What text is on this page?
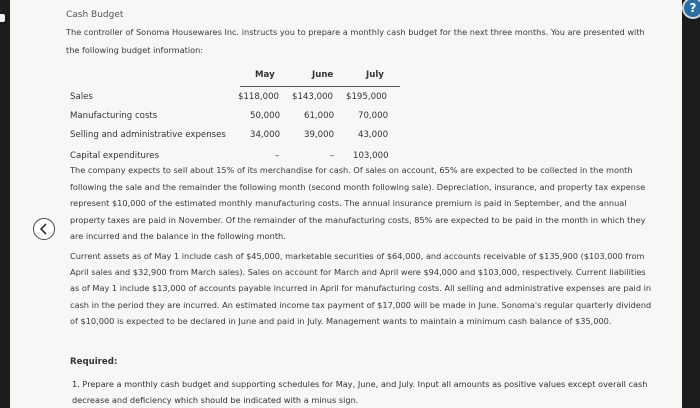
Cash Budget
The controller of Sonoma Housewares Inc. instructs you to prepare a monthly cash budget for the next three months. You are presented with the following budget information:
May	June	July
Sales	$118,000 $143,000 $195,000
Manufacturing costs	50,000	61,000	70,000
Selling and administrative expenses	34,000	39,000	43,000
Capital expenditures	–	– 103,000
The company expects to sell about 15% of its merchandise for cash. Of sales on account, 65% are expected to be collected in the month following the sale and the remainder the following month (second month following sale). Depreciation, insurance, and property tax expense represent $10,000 of the estimated monthly manufacturing costs. The annual insurance premium is paid in September, and the annual property taxes are paid in November. Of the remainder of the manufacturing costs, 85% are expected to be paid in the month in which they are incurred and the balance in the following month.
Current assets as of May 1 include cash of $45,000, marketable securities of $64,000, and accounts receivable of $135,900 ($103,000 from April sales and $32,900 from March sales). Sales on account for March and April were $94,000 and $103,000, respectively. Current liabilities as of May 1 include $13,000 of accounts payable incurred in April for manufacturing costs. All selling and administrative expenses are paid in cash in the period they are incurred. An estimated income tax payment of $17,000 will be made in June. Sonoma's regular quarterly dividend of $10,000 is expected to be declared in June and paid in July. Management wants to maintain a minimum cash balance of $35,000.
Required:
1. Prepare a monthly cash budget and supporting schedules for May, June, and July. Input all amounts as positive values except overall cash decrease and deficiency which should be indicated with a minus sign.
?
